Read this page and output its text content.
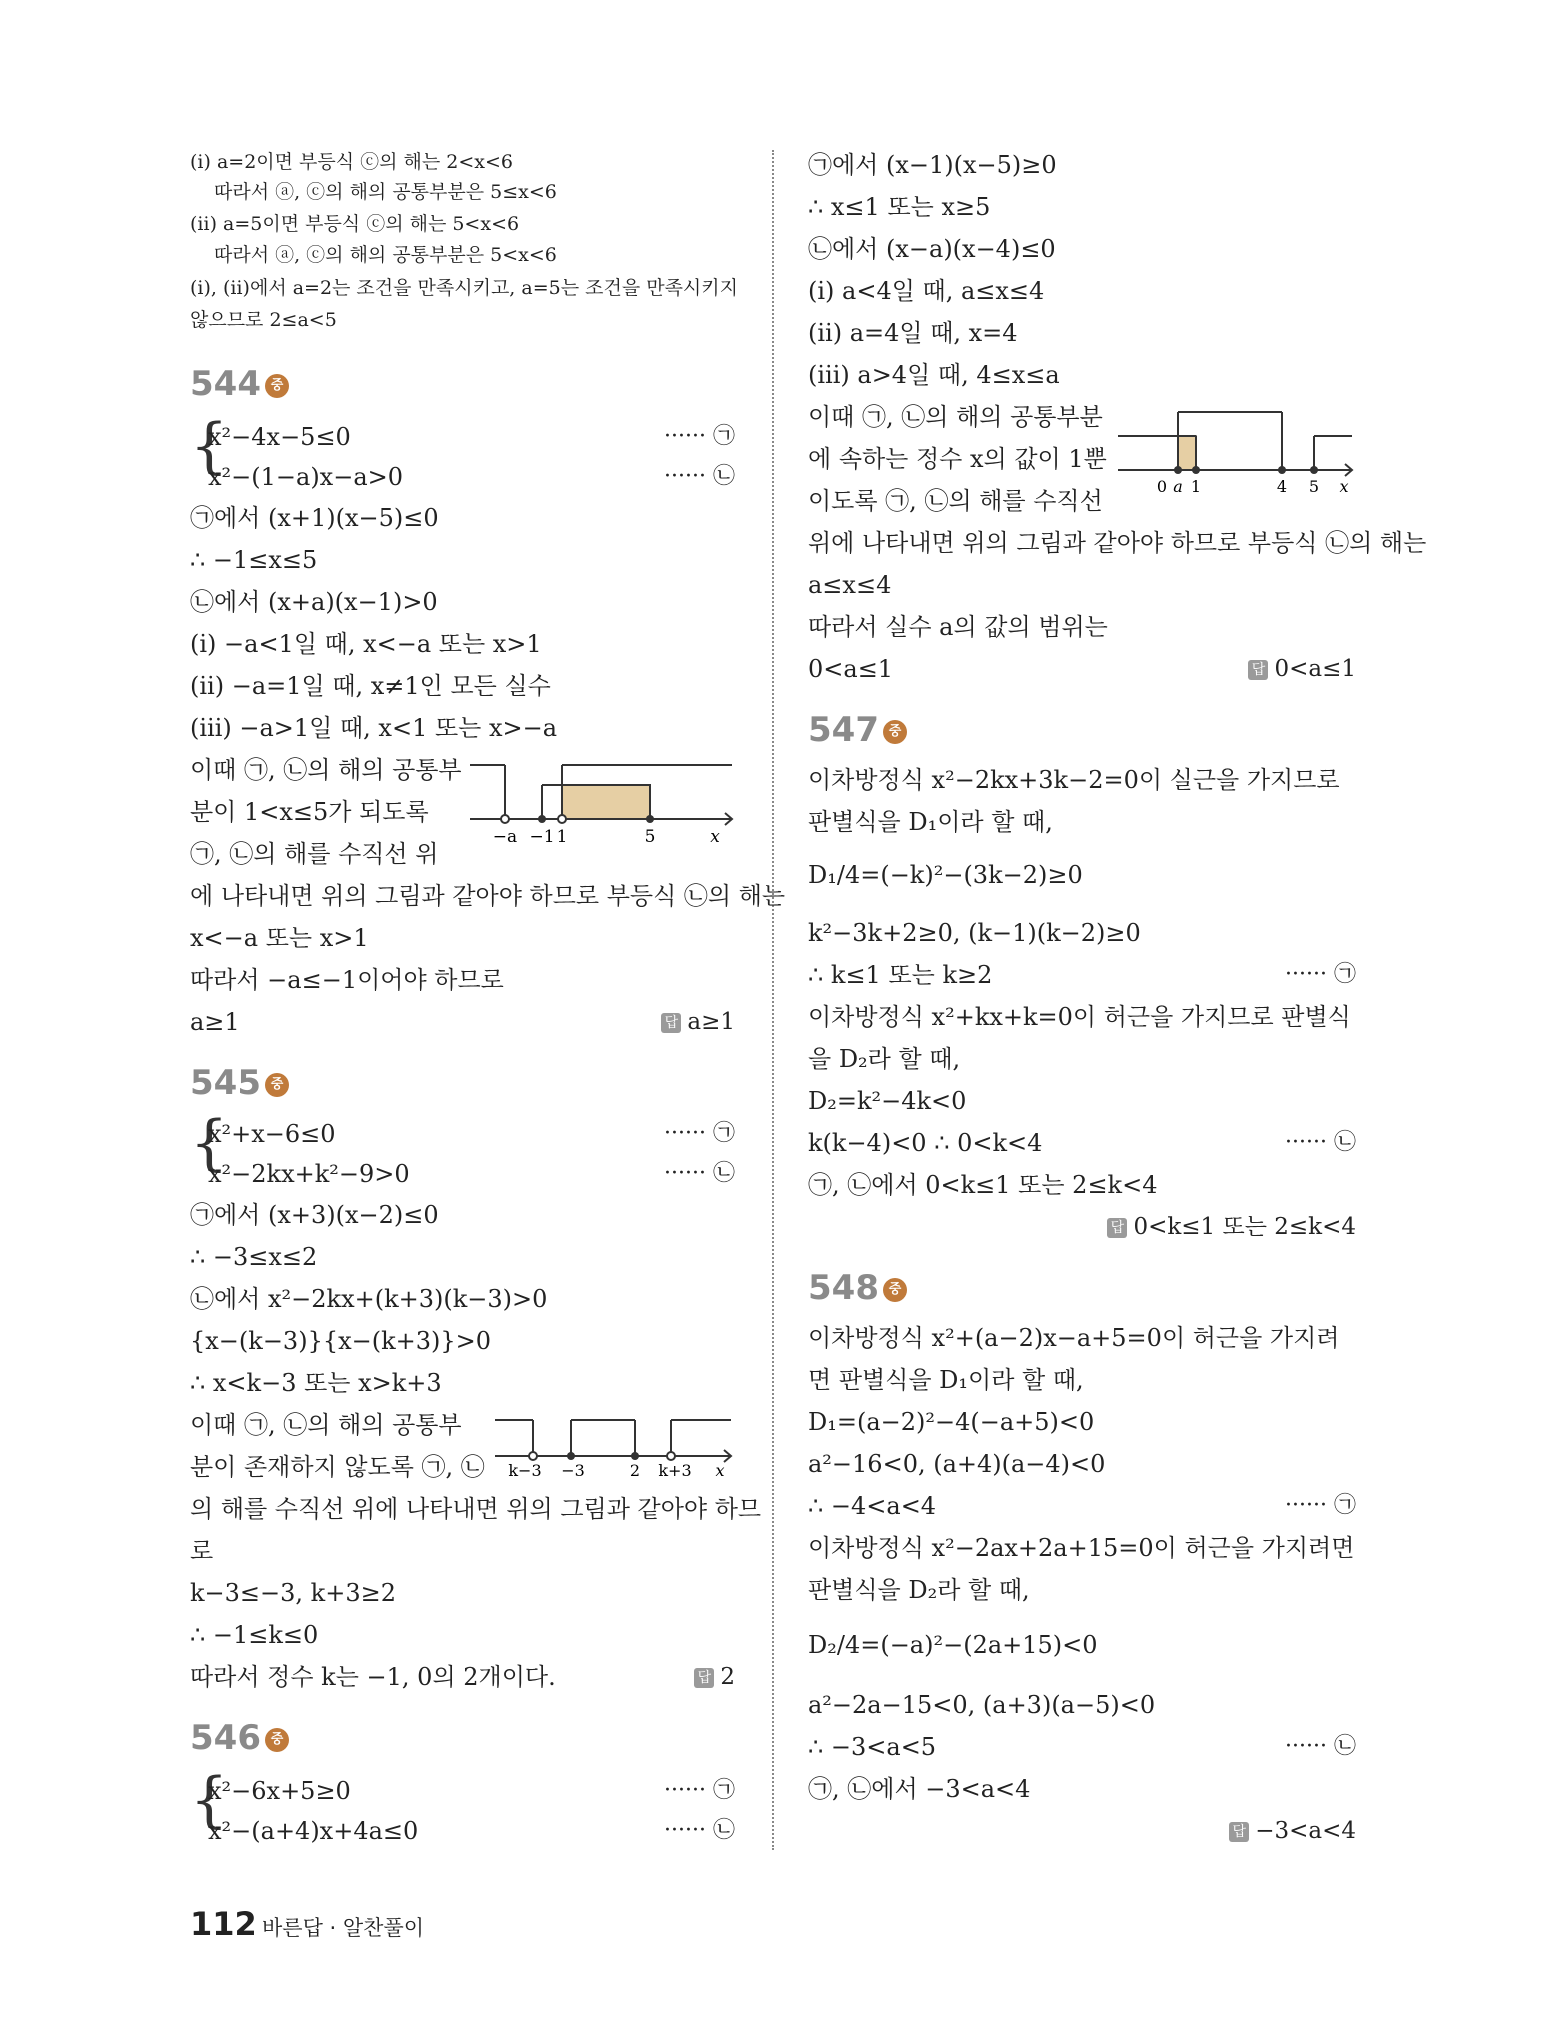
(ⅰ) a=2이면 부등식 ⓒ의 해는 2<x<6
따라서 ⓐ, ⓒ의 해의 공통부분은 5≤x<6
(ⅱ) a=5이면 부등식 ⓒ의 해는 5<x<6
따라서 ⓐ, ⓒ의 해의 공통부분은 5<x<6
(ⅰ), (ⅱ)에서 a=2는 조건을 만족시키고, a=5는 조건을 만족시키지
않으므로 2≤a<5
544 중
{
x²−4x−5≤0	······ ㉠
x²−(1−a)x−a>0	······ ㉡
㉠에서 (x+1)(x−5)≤0
∴ −1≤x≤5
㉡에서 (x+a)(x−1)>0
(ⅰ) −a<1일 때, x<−a 또는 x>1
(ⅱ) −a=1일 때, x≠1인 모든 실수
(ⅲ) −a>1일 때, x<1 또는 x>−a
이때 ㉠, ㉡의 해의 공통부
분이 1<x≤5가 되도록
㉠, ㉡의 해를 수직선 위
에 나타내면 위의 그림과 같아야 하므로 부등식 ㉡의 해는
x<−a 또는 x>1
따라서 −a≤−1이어야 하므로
a≥1	답 a≥1
−a −1 1	5	x
545 중
{
x²+x−6≤0	······ ㉠
x²−2kx+k²−9>0	······ ㉡
㉠에서 (x+3)(x−2)≤0
∴ −3≤x≤2
㉡에서 x²−2kx+(k+3)(k−3)>0
{x−(k−3)}{x−(k+3)}>0
∴ x<k−3 또는 x>k+3
이때 ㉠, ㉡의 해의 공통부
분이 존재하지 않도록 ㉠, ㉡
의 해를 수직선 위에 나타내면 위의 그림과 같아야 하므
로
k−3≤−3, k+3≥2
∴ −1≤k≤0
따라서 정수 k는 −1, 0의 2개이다.	답 2
k−3 −3	2 k+3 x
546 중
{
x²−6x+5≥0	······ ㉠
x²−(a+4)x+4a≤0	······ ㉡
㉠에서 (x−1)(x−5)≥0
∴ x≤1 또는 x≥5
㉡에서 (x−a)(x−4)≤0
(ⅰ) a<4일 때, a≤x≤4
(ⅱ) a=4일 때, x=4
(ⅲ) a>4일 때, 4≤x≤a
이때 ㉠, ㉡의 해의 공통부분
에 속하는 정수 x의 값이 1뿐
이도록 ㉠, ㉡의 해를 수직선
위에 나타내면 위의 그림과 같아야 하므로 부등식 ㉡의 해는
a≤x≤4
따라서 실수 a의 값의 범위는
0<a≤1	답 0<a≤1
0 a 1	4 5 x
547 중
이차방정식 x²−2kx+3k−2=0이 실근을 가지므로
판별식을 D₁이라 할 때,
D₁/4=(−k)²−(3k−2)≥0
k²−3k+2≥0, (k−1)(k−2)≥0
∴ k≤1 또는 k≥2	······ ㉠
이차방정식 x²+kx+k=0이 허근을 가지므로 판별식
을 D₂라 할 때,
D₂=k²−4k<0
k(k−4)<0 ∴ 0<k<4	······ ㉡
㉠, ㉡에서 0<k≤1 또는 2≤k<4
답 0<k≤1 또는 2≤k<4
548 중
이차방정식 x²+(a−2)x−a+5=0이 허근을 가지려
면 판별식을 D₁이라 할 때,
D₁=(a−2)²−4(−a+5)<0
a²−16<0, (a+4)(a−4)<0
∴ −4<a<4	······ ㉠
이차방정식 x²−2ax+2a+15=0이 허근을 가지려면
판별식을 D₂라 할 때,
D₂/4=(−a)²−(2a+15)<0
a²−2a−15<0, (a+3)(a−5)<0
∴ −3<a<5	······ ㉡
㉠, ㉡에서 −3<a<4
답 −3<a<4
112 바른답 · 알찬풀이
